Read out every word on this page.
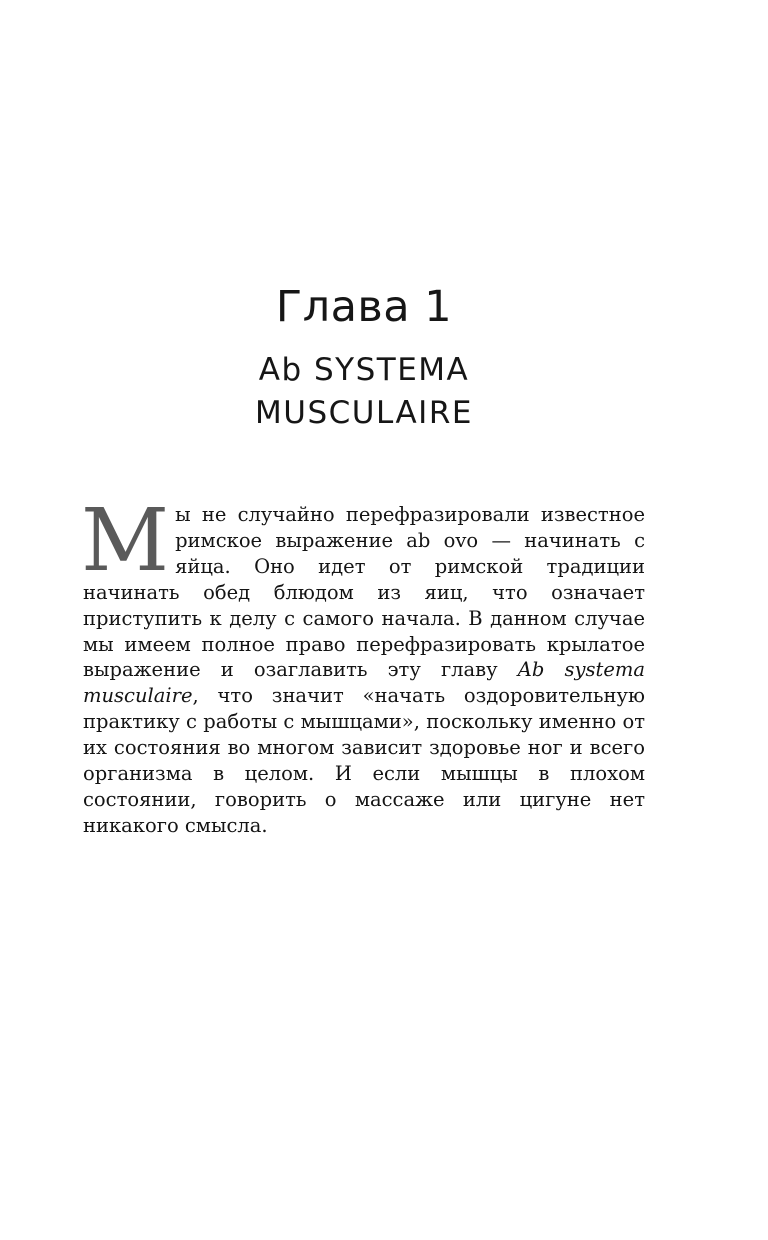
Глава 1
Ab SYSTEMA
MUSCULAIRE

Мы не случайно перефразировали известное римское выражение ab ovo — начинать с яйца. Оно идет от римской традиции начинать обед блюдом из яиц, что означает приступить к делу с самого начала. В данном случае мы имеем полное право перефразировать крылатое выражение и озаглавить эту главу Ab systema musculaire, что значит «начать оздоровительную практику с работы с мышцами», поскольку именно от их состояния во многом зависит здоровье ног и всего организма в целом. И если мышцы в плохом состоянии, говорить о массаже или цигуне нет никакого смысла.
